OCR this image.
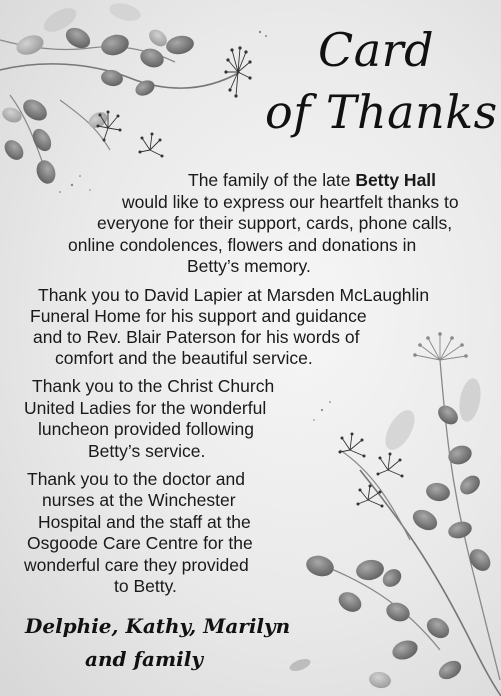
Card
of Thanks
The family of the late Betty Hall
would like to express our heartfelt thanks to
everyone for their support, cards, phone calls,
online condolences, flowers and donations in
Betty’s memory.
Thank you to David Lapier at Marsden McLaughlin
Funeral Home for his support and guidance
and to Rev. Blair Paterson for his words of
comfort and the beautiful service.
Thank you to the Christ Church
United Ladies for the wonderful
luncheon provided following
Betty’s service.
Thank you to the doctor and
nurses at the Winchester
Hospital and the staff at the
Osgoode Care Centre for the
wonderful care they provided
to Betty.
Delphie, Kathy, Marilyn
and family
